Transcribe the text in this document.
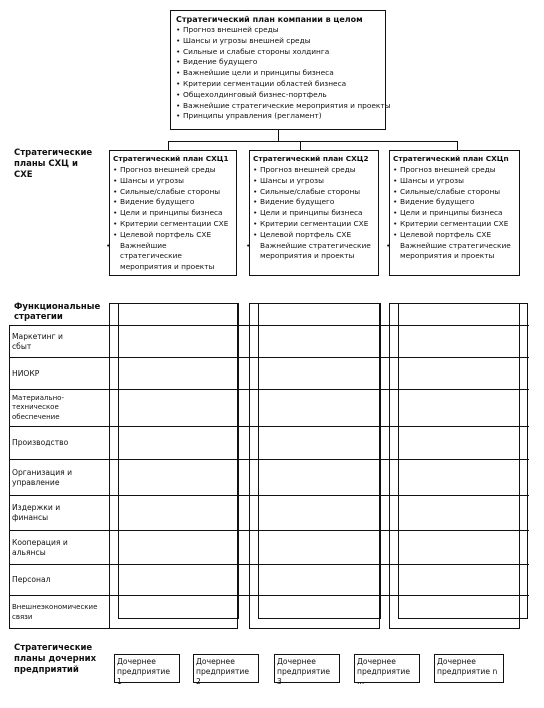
Стратегический план компании в целом
• Прогноз внешней среды
• Шансы и угрозы внешней среды
• Сильные и слабые стороны холдинга
• Видение будущего
• Важнейшие цели и принципы бизнеса
• Критерии сегментации областей бизнеса
• Общехолдинговый бизнес-портфель
• Важнейшие стратегические мероприятия и проекты
• Принципы управления (регламент)
Стратегические планы СХЦ и СХЕ
Стратегический план СХЦ1
• Прогноз внешней среды
• Шансы и угрозы
• Сильные/слабые стороны
• Видение будущего
• Цели и принципы бизнеса
• Критерии сегментации СХЕ
• Целевой портфель СХЕ
• Важнейшие стратегические мероприятия и проекты
Стратегический план СХЦ2
• Прогноз внешней среды
• Шансы и угрозы
• Сильные/слабые стороны
• Видение будущего
• Цели и принципы бизнеса
• Критерии сегментации СХЕ
• Целевой портфель СХЕ
• Важнейшие стратегические мероприятия и проекты
Стратегический план СХЦn
• Прогноз внешней среды
• Шансы и угрозы
• Сильные/слабые стороны
• Видение будущего
• Цели и принципы бизнеса
• Критерии сегментации СХЕ
• Целевой портфель СХЕ
• Важнейшие стратегические мероприятия и проекты
Функциональные стратегии
Маркетинг и сбыт
НИОКР
Материально-техническое обеспечение
Производство
Организация и управление
Издержки и финансы
Кооперация и альянсы
Персонал
Внешнеэкономические связи
Стратегические планы дочерних предприятий
Дочернее предприятие 1
Дочернее предприятие 2
Дочернее предприятие 3
Дочернее предприятие ...
Дочернее предприятие n
